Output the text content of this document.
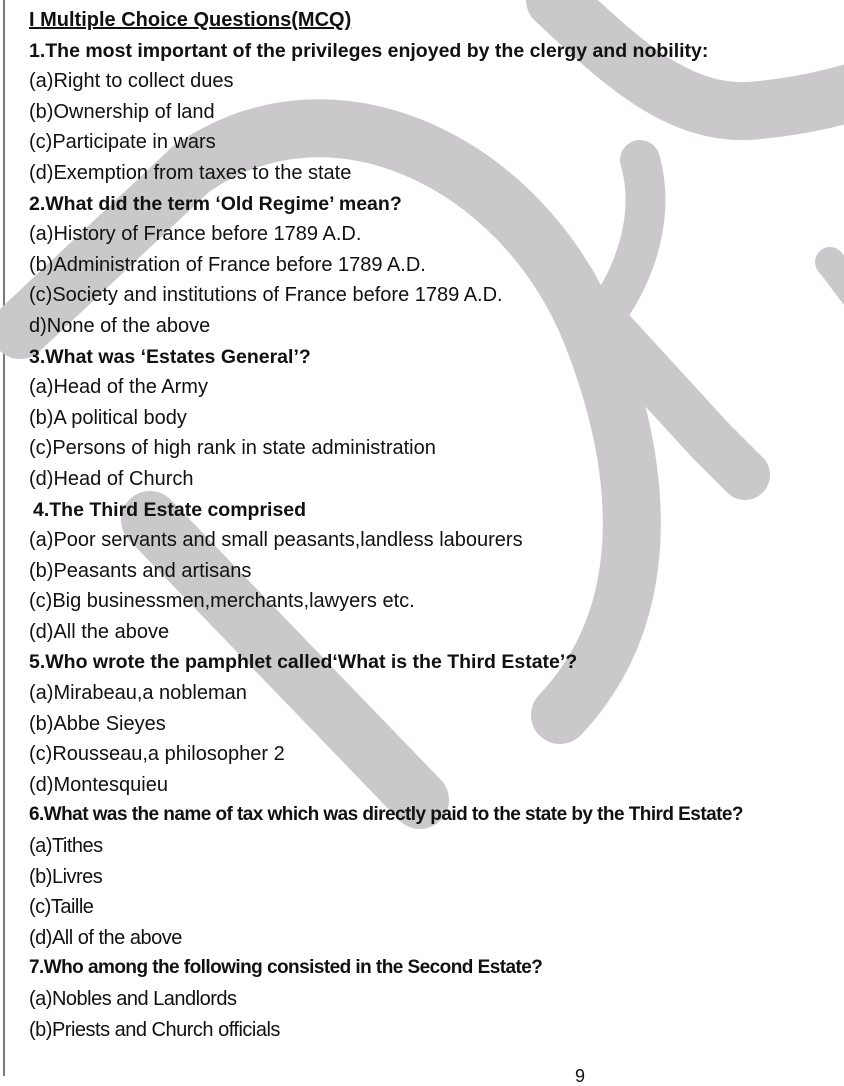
I Multiple Choice Questions(MCQ)
1.The most important of the privileges enjoyed by the clergy and nobility:
(a)Right to collect dues
(b)Ownership of land
(c)Participate in wars
(d)Exemption from taxes to the state
2.What did the term ‘Old Regime’ mean?
(a)History of France before 1789 A.D.
(b)Administration of France before 1789 A.D.
(c)Society and institutions of France before 1789 A.D.
d)None of the above
3.What was ‘Estates General’?
(a)Head of the Army
(b)A political body
(c)Persons of high rank in state administration
(d)Head of Church
4.The Third Estate comprised
(a)Poor servants and small peasants,landless labourers
(b)Peasants and artisans
(c)Big businessmen,merchants,lawyers etc.
(d)All the above
5.Who wrote the pamphlet called‘What is the Third Estate’?
(a)Mirabeau,a nobleman
(b)Abbe Sieyes
(c)Rousseau,a philosopher 2
(d)Montesquieu
6.What was the name of tax which was directly paid to the state by the Third Estate?
(a)Tithes
(b)Livres
(c)Taille
(d)All of the above
7.Who among the following consisted in the Second Estate?
(a)Nobles and Landlords
(b)Priests and Church officials
9
